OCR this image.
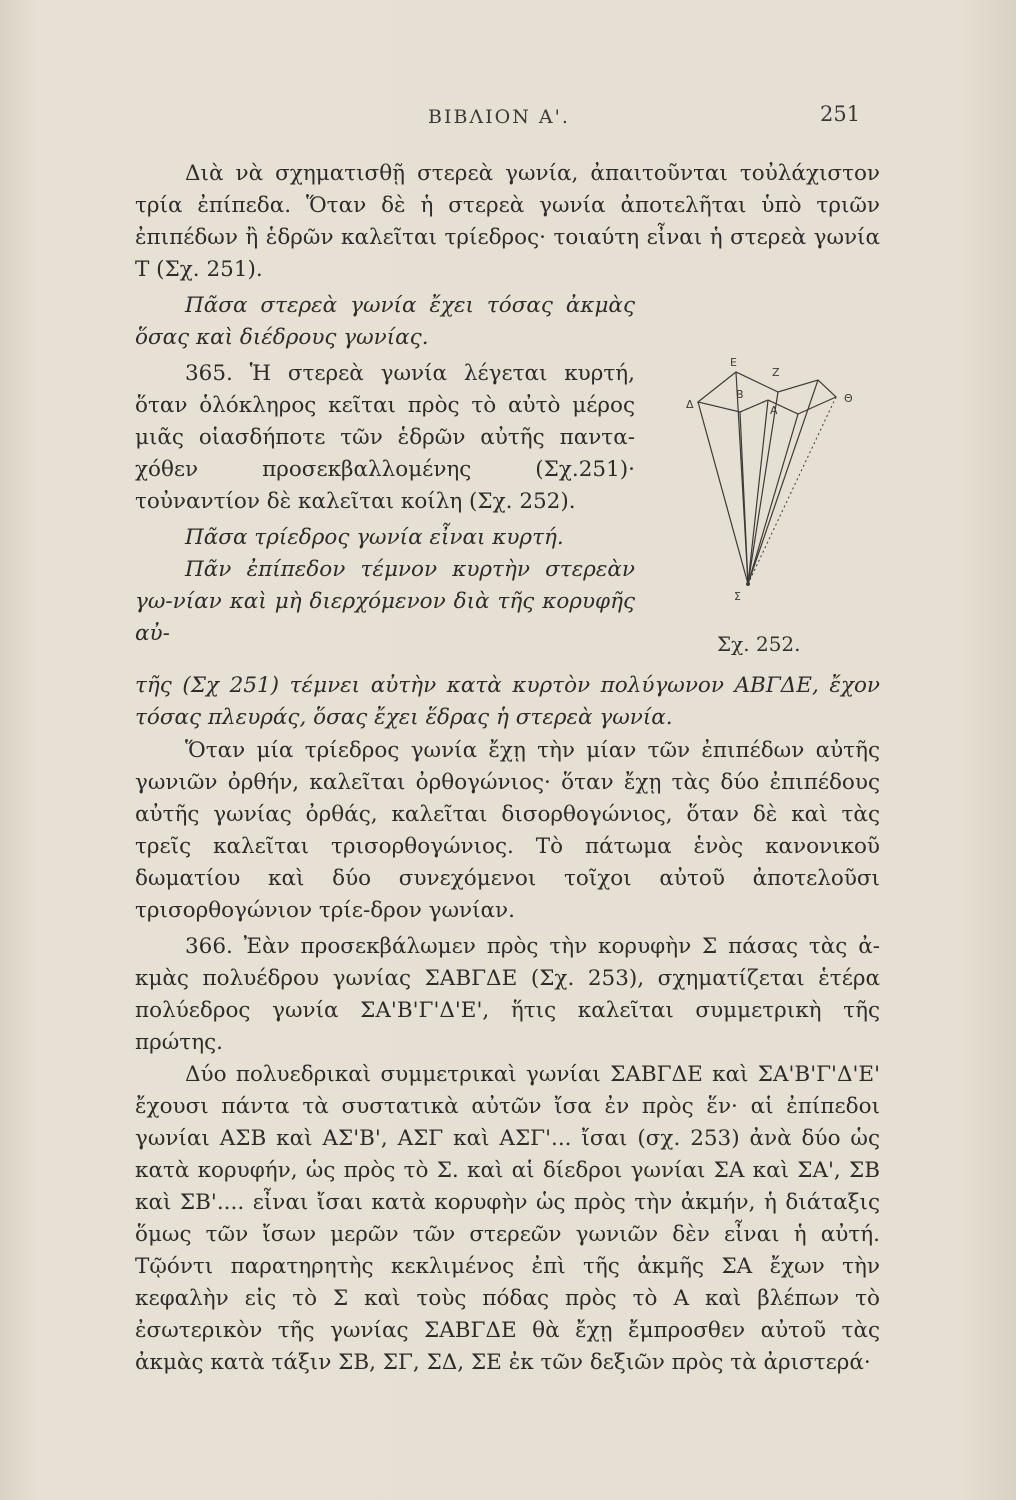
ΒΙΒΛΙΟΝ Α'.	251

Διὰ νὰ σχηματισθῇ στερεὰ γωνία, ἀπαιτοῦνται τοὐλάχιστον τρία ἐπίπεδα. Ὅταν δὲ ἡ στερεὰ γωνία ἀποτελῆται ὑπὸ τριῶν ἐπιπέδων ἢ ἑδρῶν καλεῖται τρίεδρος· τοιαύτη εἶναι ἡ στερεὰ γωνία Τ (Σχ. 251).

Πᾶσα στερεὰ γωνία ἔχει τόσας ἀκμὰς ὅσας καὶ διέδρους γωνίας.

365. Ἡ στερεὰ γωνία λέγεται κυρτή, ὅταν ὁλόκληρος κεῖται πρὸς τὸ αὐτὸ μέρος μιᾶς οἱασδήποτε τῶν ἑδρῶν αὐτῆς παντα-χόθεν προσεκβαλλομένης (Σχ.251)· τοὐναντίον δὲ καλεῖται κοίλη (Σχ. 252).

Πᾶσα τρίεδρος γωνία εἶναι κυρτή.

Πᾶν ἐπίπεδον τέμνον κυρτὴν στερεὰν γω-νίαν καὶ μὴ διερχόμενον διὰ τῆς κορυφῆς αὐ-

Δ
E
Z
B
A
Θ
Σ
Σχ. 252.

τῆς (Σχ 251) τέμνει αὐτὴν κατὰ κυρτὸν πολύγωνον ΑΒΓΔΕ, ἔχον τόσας πλευράς, ὅσας ἔχει ἕδρας ἡ στερεὰ γωνία.

Ὅταν μία τρίεδρος γωνία ἔχῃ τὴν μίαν τῶν ἐπιπέδων αὐτῆς γωνιῶν ὀρθήν, καλεῖται ὀρθογώνιος· ὅταν ἔχῃ τὰς δύο ἐπιπέδους αὐτῆς γωνίας ὀρθάς, καλεῖται δισορθογώνιος, ὅταν δὲ καὶ τὰς τρεῖς καλεῖται τρισορθογώνιος. Τὸ πάτωμα ἑνὸς κανονικοῦ δωματίου καὶ δύο συνεχόμενοι τοῖχοι αὐτοῦ ἀποτελοῦσι τρισορθογώνιον τρίε-δρον γωνίαν.

366. Ἐὰν προσεκβάλωμεν πρὸς τὴν κορυφὴν Σ πάσας τὰς ἀ-κμὰς πολυέδρου γωνίας ΣΑΒΓΔΕ (Σχ. 253), σχηματίζεται ἑτέρα πολύεδρος γωνία ΣΑ'Β'Γ'Δ'Ε', ἥτις καλεῖται συμμετρικὴ τῆς πρώτης.

Δύο πολυεδρικαὶ συμμετρικαὶ γωνίαι ΣΑΒΓΔΕ καὶ ΣΑ'Β'Γ'Δ'Ε' ἔχουσι πάντα τὰ συστατικὰ αὐτῶν ἴσα ἐν πρὸς ἕν· αἱ ἐπίπεδοι γωνίαι ΑΣΒ καὶ ΑΣ'Β', ΑΣΓ καὶ ΑΣΓ'... ἴσαι (σχ. 253) ἀνὰ δύο ὡς κατὰ κορυφήν, ὡς πρὸς τὸ Σ. καὶ αἱ δίεδροι γωνίαι ΣΑ καὶ ΣΑ', ΣΒ καὶ ΣΒ'.... εἶναι ἴσαι κατὰ κορυφὴν ὡς πρὸς τὴν ἀκμήν, ἡ διάταξις ὅμως τῶν ἴσων μερῶν τῶν στερεῶν γωνιῶν δὲν εἶναι ἡ αὐτή. Τῷόντι παρατηρητὴς κεκλιμένος ἐπὶ τῆς ἀκμῆς ΣΑ ἔχων τὴν κεφαλὴν εἰς τὸ Σ καὶ τοὺς πόδας πρὸς τὸ Α καὶ βλέπων τὸ ἐσωτερικὸν τῆς γωνίας ΣΑΒΓΔΕ θὰ ἔχῃ ἔμπροσθεν αὐτοῦ τὰς ἀκμὰς κατὰ τάξιν ΣΒ, ΣΓ, ΣΔ, ΣΕ ἐκ τῶν δεξιῶν πρὸς τὰ ἀριστερά·
